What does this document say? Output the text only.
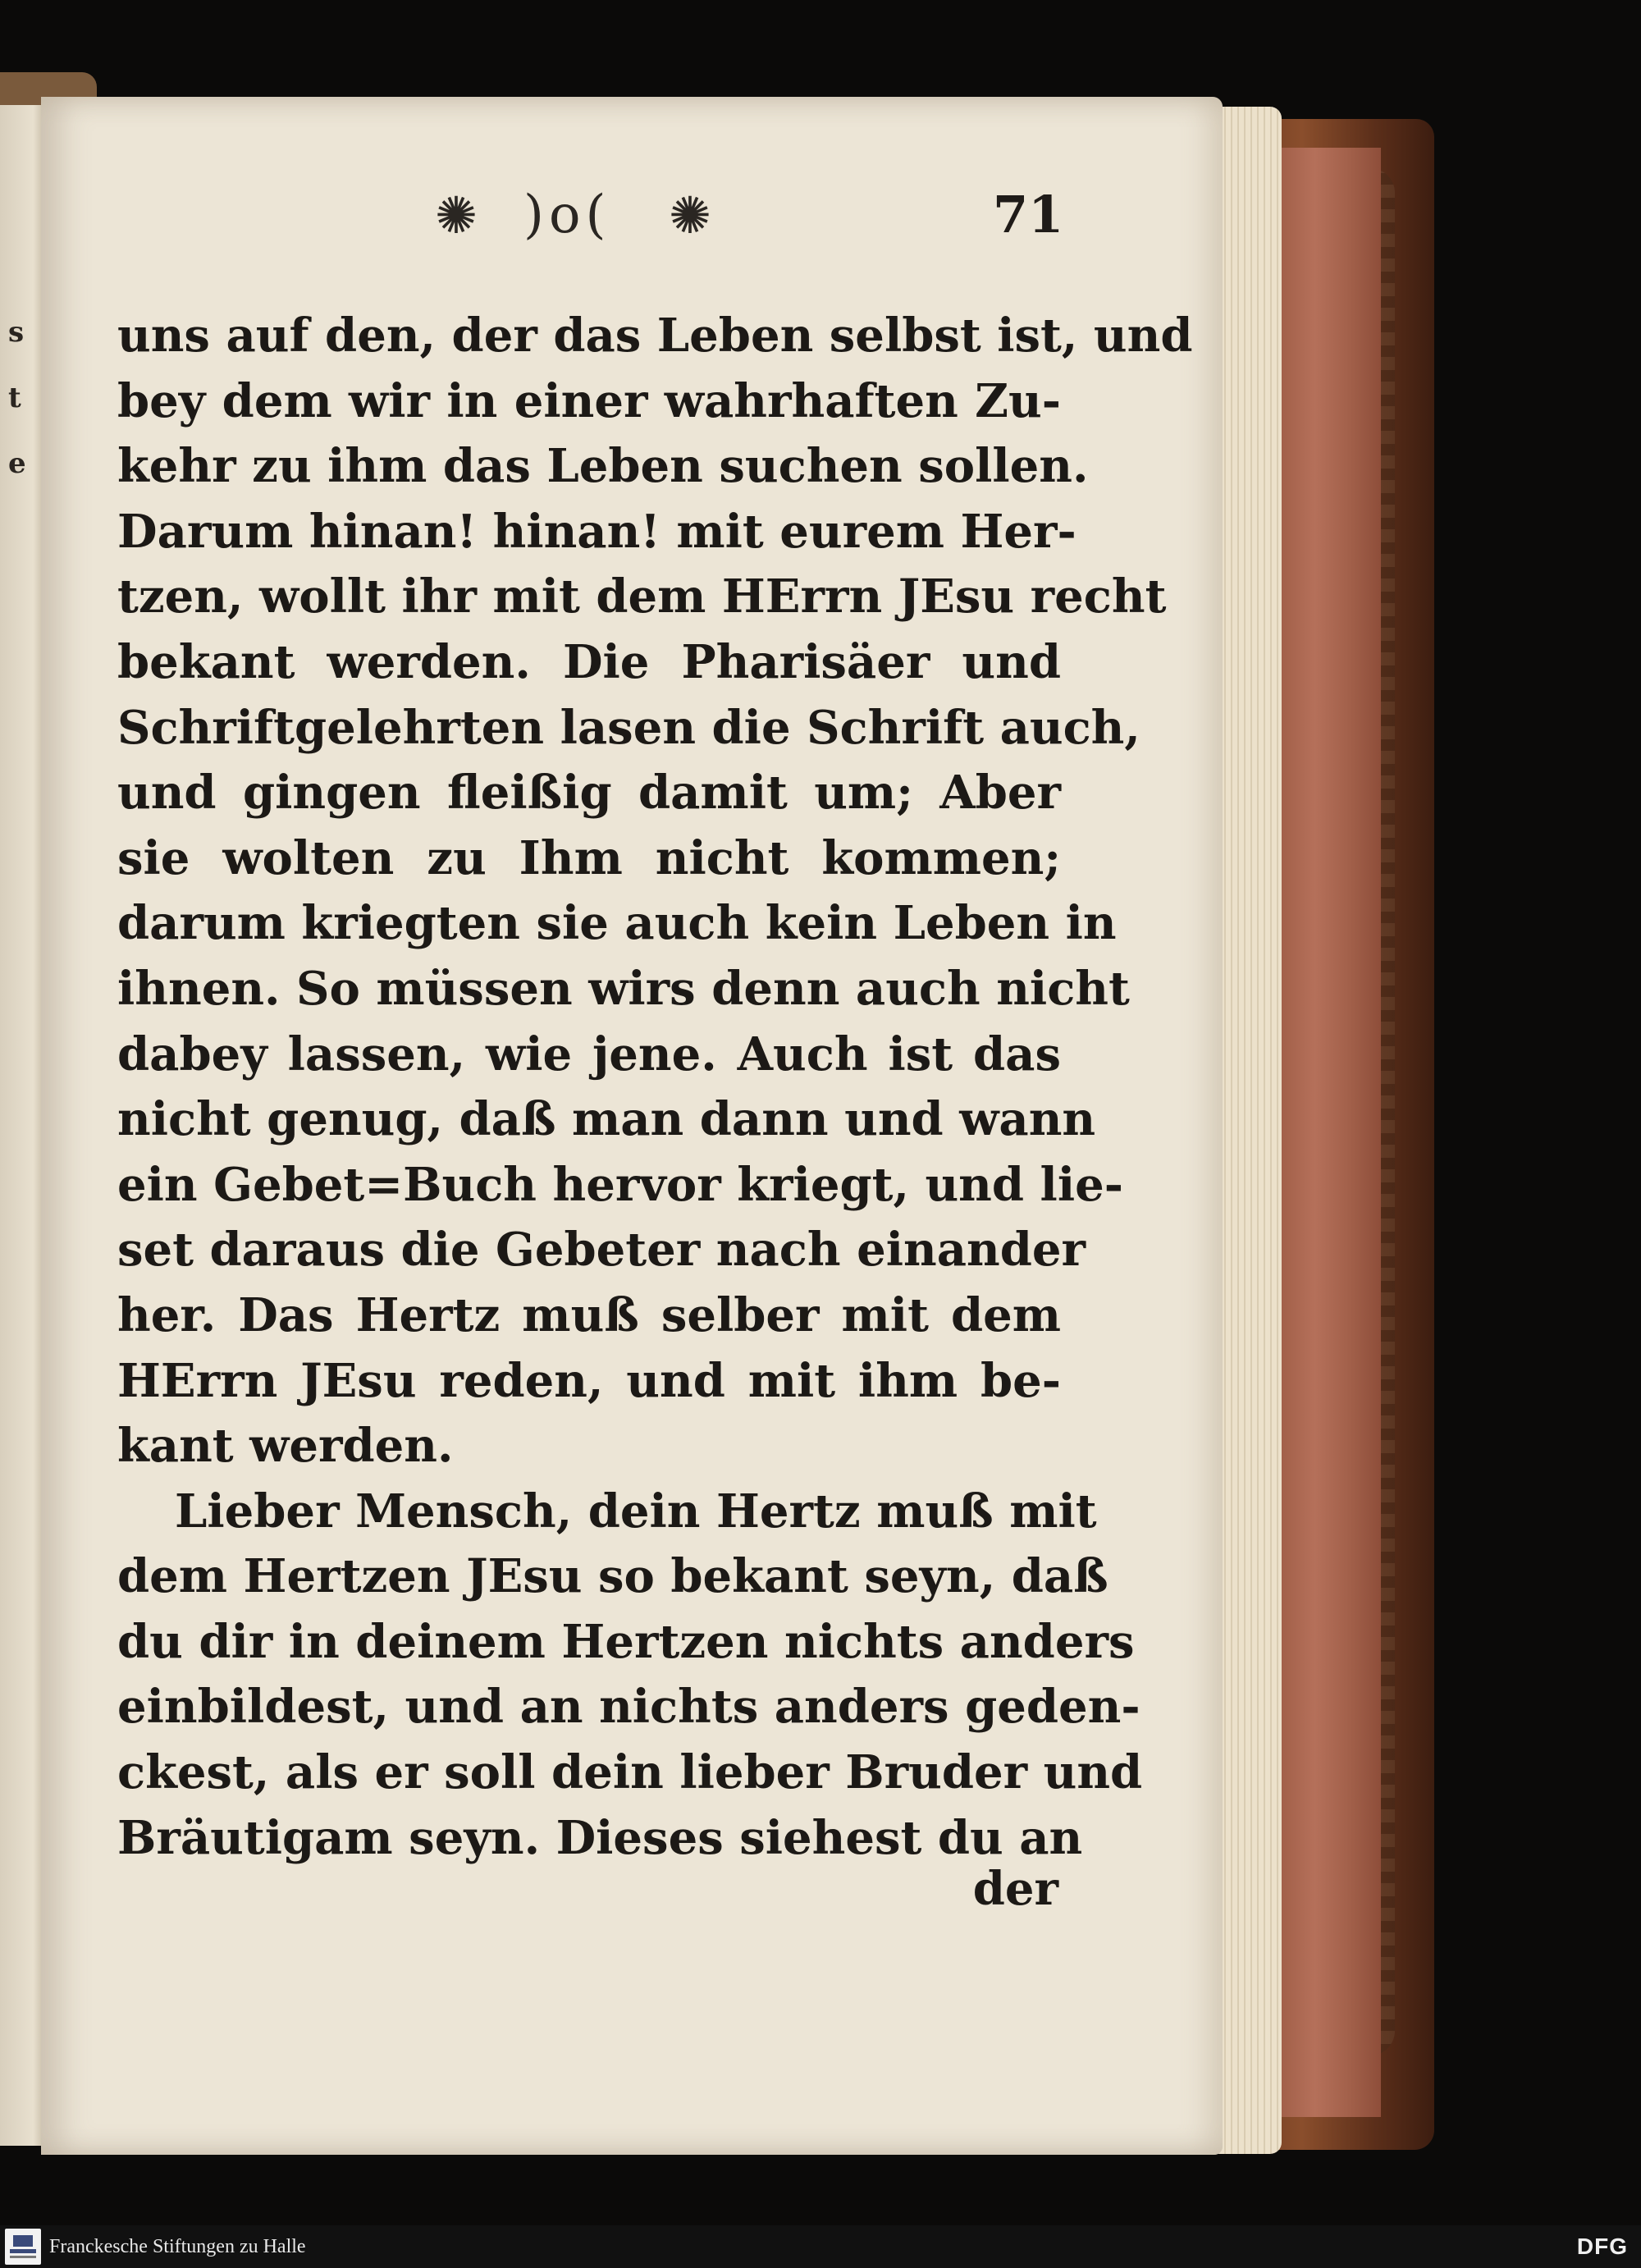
s
t
e
✺ )o( ✺	71
uns auf den, der das Leben selbst ist, und
bey dem wir in einer wahrhaften Zu-
kehr zu ihm das Leben suchen sollen.
Darum hinan! hinan! mit eurem Her-
tzen, wollt ihr mit dem HErrn JEsu recht
bekant werden. Die Pharisäer und
Schriftgelehrten lasen die Schrift auch,
und gingen fleißig damit um; Aber
sie wolten zu Ihm nicht kommen;
darum kriegten sie auch kein Leben in
ihnen. So müssen wirs denn auch nicht
dabey lassen, wie jene. Auch ist das
nicht genug, daß man dann und wann
ein Gebet=Buch hervor kriegt, und lie-
set daraus die Gebeter nach einander
her. Das Hertz muß selber mit dem
HErrn JEsu reden, und mit ihm be-
kant werden.
Lieber Mensch, dein Hertz muß mit
dem Hertzen JEsu so bekant seyn, daß
du dir in deinem Hertzen nichts anders
einbildest, und an nichts anders geden-
ckest, als er soll dein lieber Bruder und
Bräutigam seyn. Dieses siehest du an
der
Franckesche Stiftungen zu Halle	DFG
